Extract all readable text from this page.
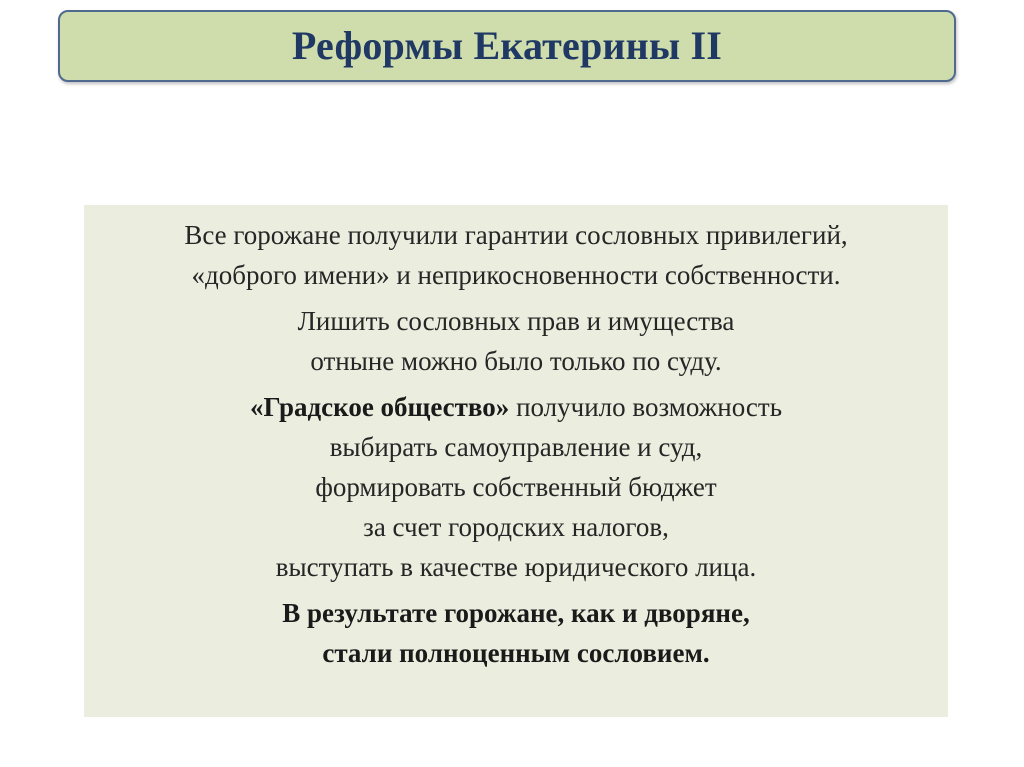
Реформы Екатерины II

Все горожане получили гарантии сословных привилегий,
«доброго имени» и неприкосновенности собственности.

Лишить сословных прав и имущества
отныне можно было только по суду.

«Градское общество» получило возможность
выбирать самоуправление и суд,
формировать собственный бюджет
за счет городских налогов,
выступать в качестве юридического лица.

В результате горожане, как и дворяне,
стали полноценным сословием.
